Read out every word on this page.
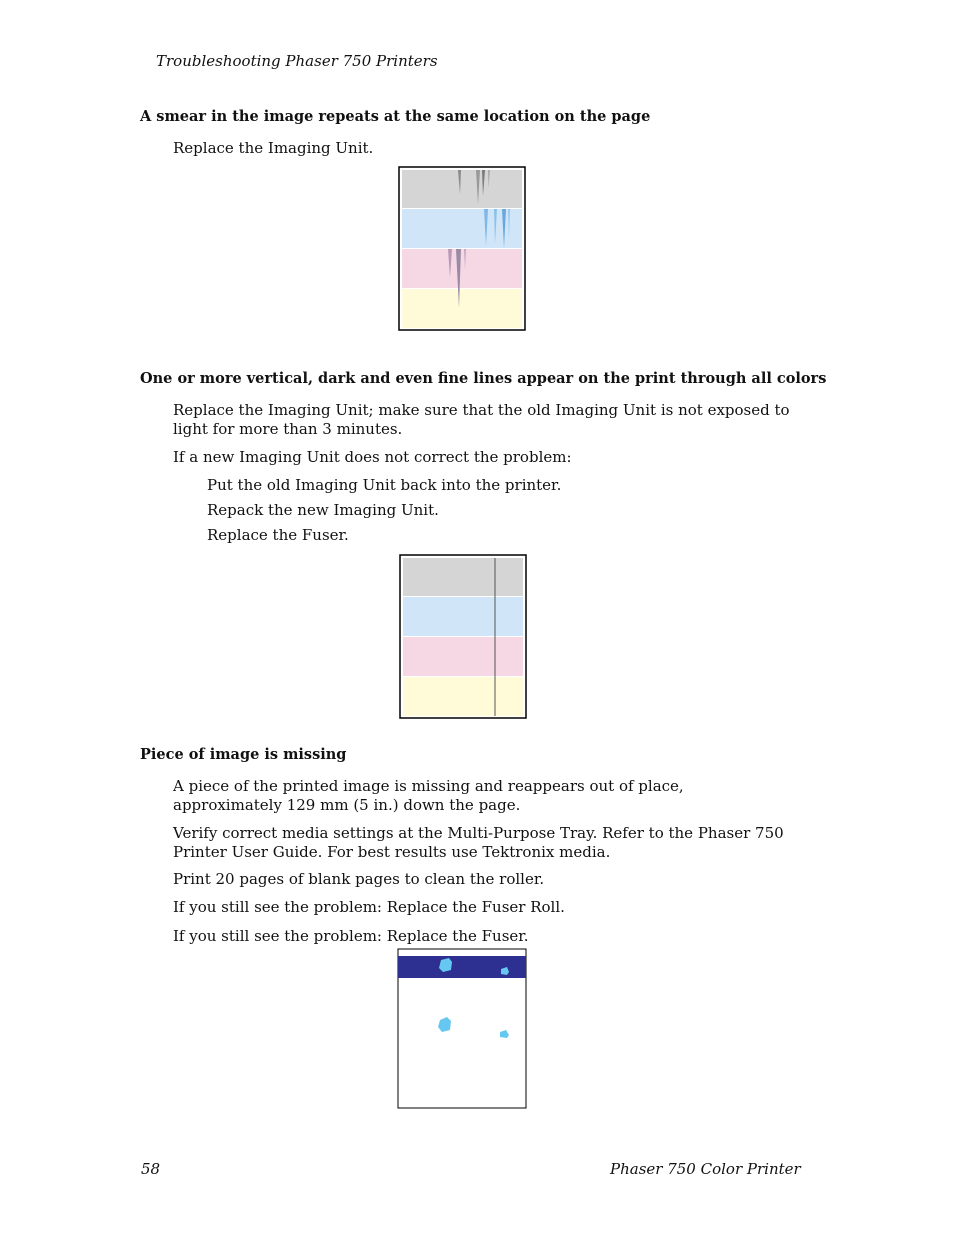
Troubleshooting Phaser 750 Printers
A smear in the image repeats at the same location on the page
Replace the Imaging Unit.
One or more vertical, dark and even fine lines appear on the print through all colors
Replace the Imaging Unit; make sure that the old Imaging Unit is not exposed to light for more than 3 minutes.
If a new Imaging Unit does not correct the problem:
Put the old Imaging Unit back into the printer.
Repack the new Imaging Unit.
Replace the Fuser.
Piece of image is missing
A piece of the printed image is missing and reappears out of place, approximately 129 mm (5 in.) down the page.
Verify correct media settings at the Multi-Purpose Tray. Refer to the Phaser 750 Printer User Guide. For best results use Tektronix media.
Print 20 pages of blank pages to clean the roller.
If you still see the problem: Replace the Fuser Roll.
If you still see the problem: Replace the Fuser.
58	Phaser 750 Color Printer
